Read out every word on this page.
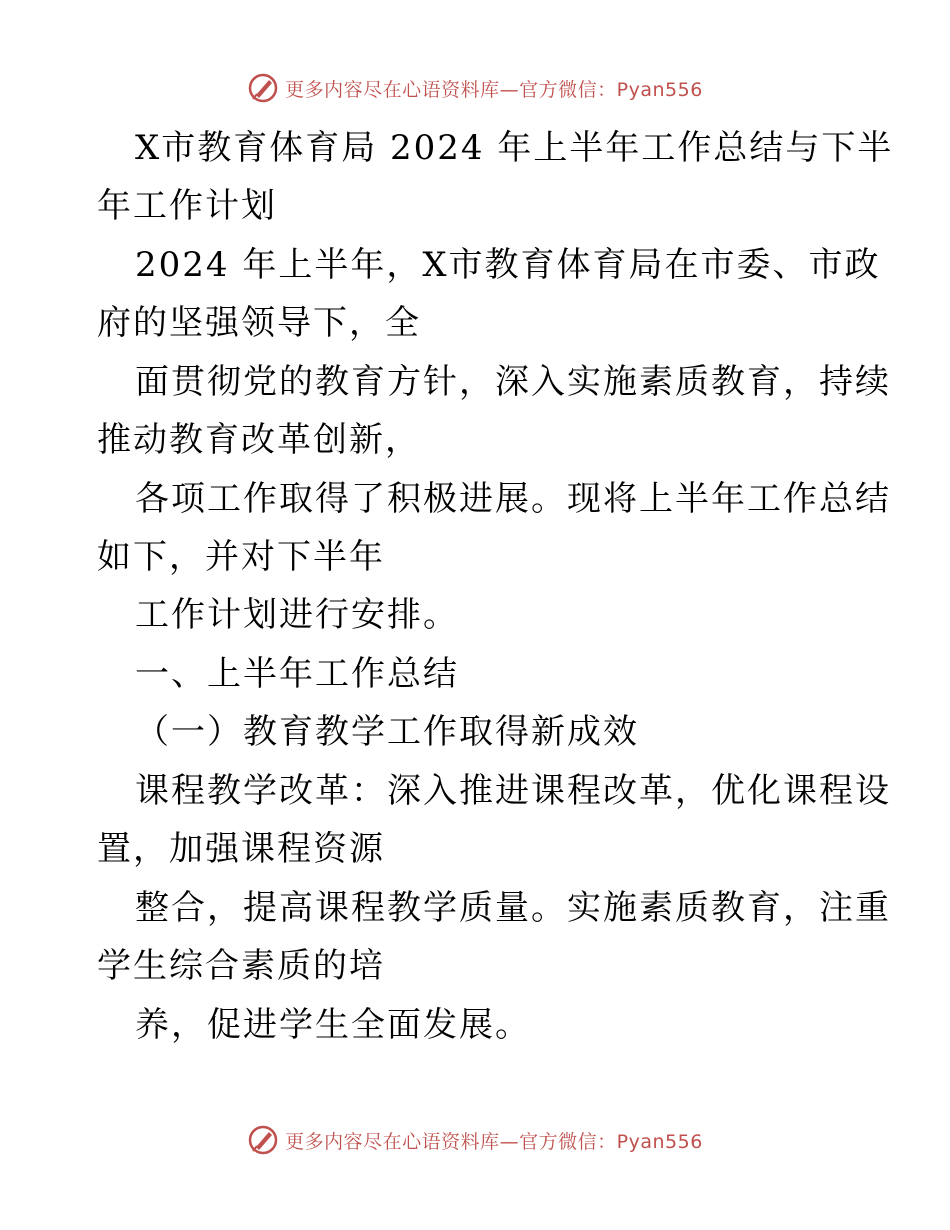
更多内容尽在心语资料库—官方微信：Pyan556
X市教育体育局 2024 年上半年工作总结与下半
年工作计划
2024 年上半年，X市教育体育局在市委、市政
府的坚强领导下，全
面贯彻党的教育方针，深入实施素质教育，持续
推动教育改革创新，
各项工作取得了积极进展。现将上半年工作总结
如下，并对下半年
工作计划进行安排。
一、上半年工作总结
（一）教育教学工作取得新成效
课程教学改革：深入推进课程改革，优化课程设
置，加强课程资源
整合，提高课程教学质量。实施素质教育，注重
学生综合素质的培
养，促进学生全面发展。
更多内容尽在心语资料库—官方微信：Pyan556
